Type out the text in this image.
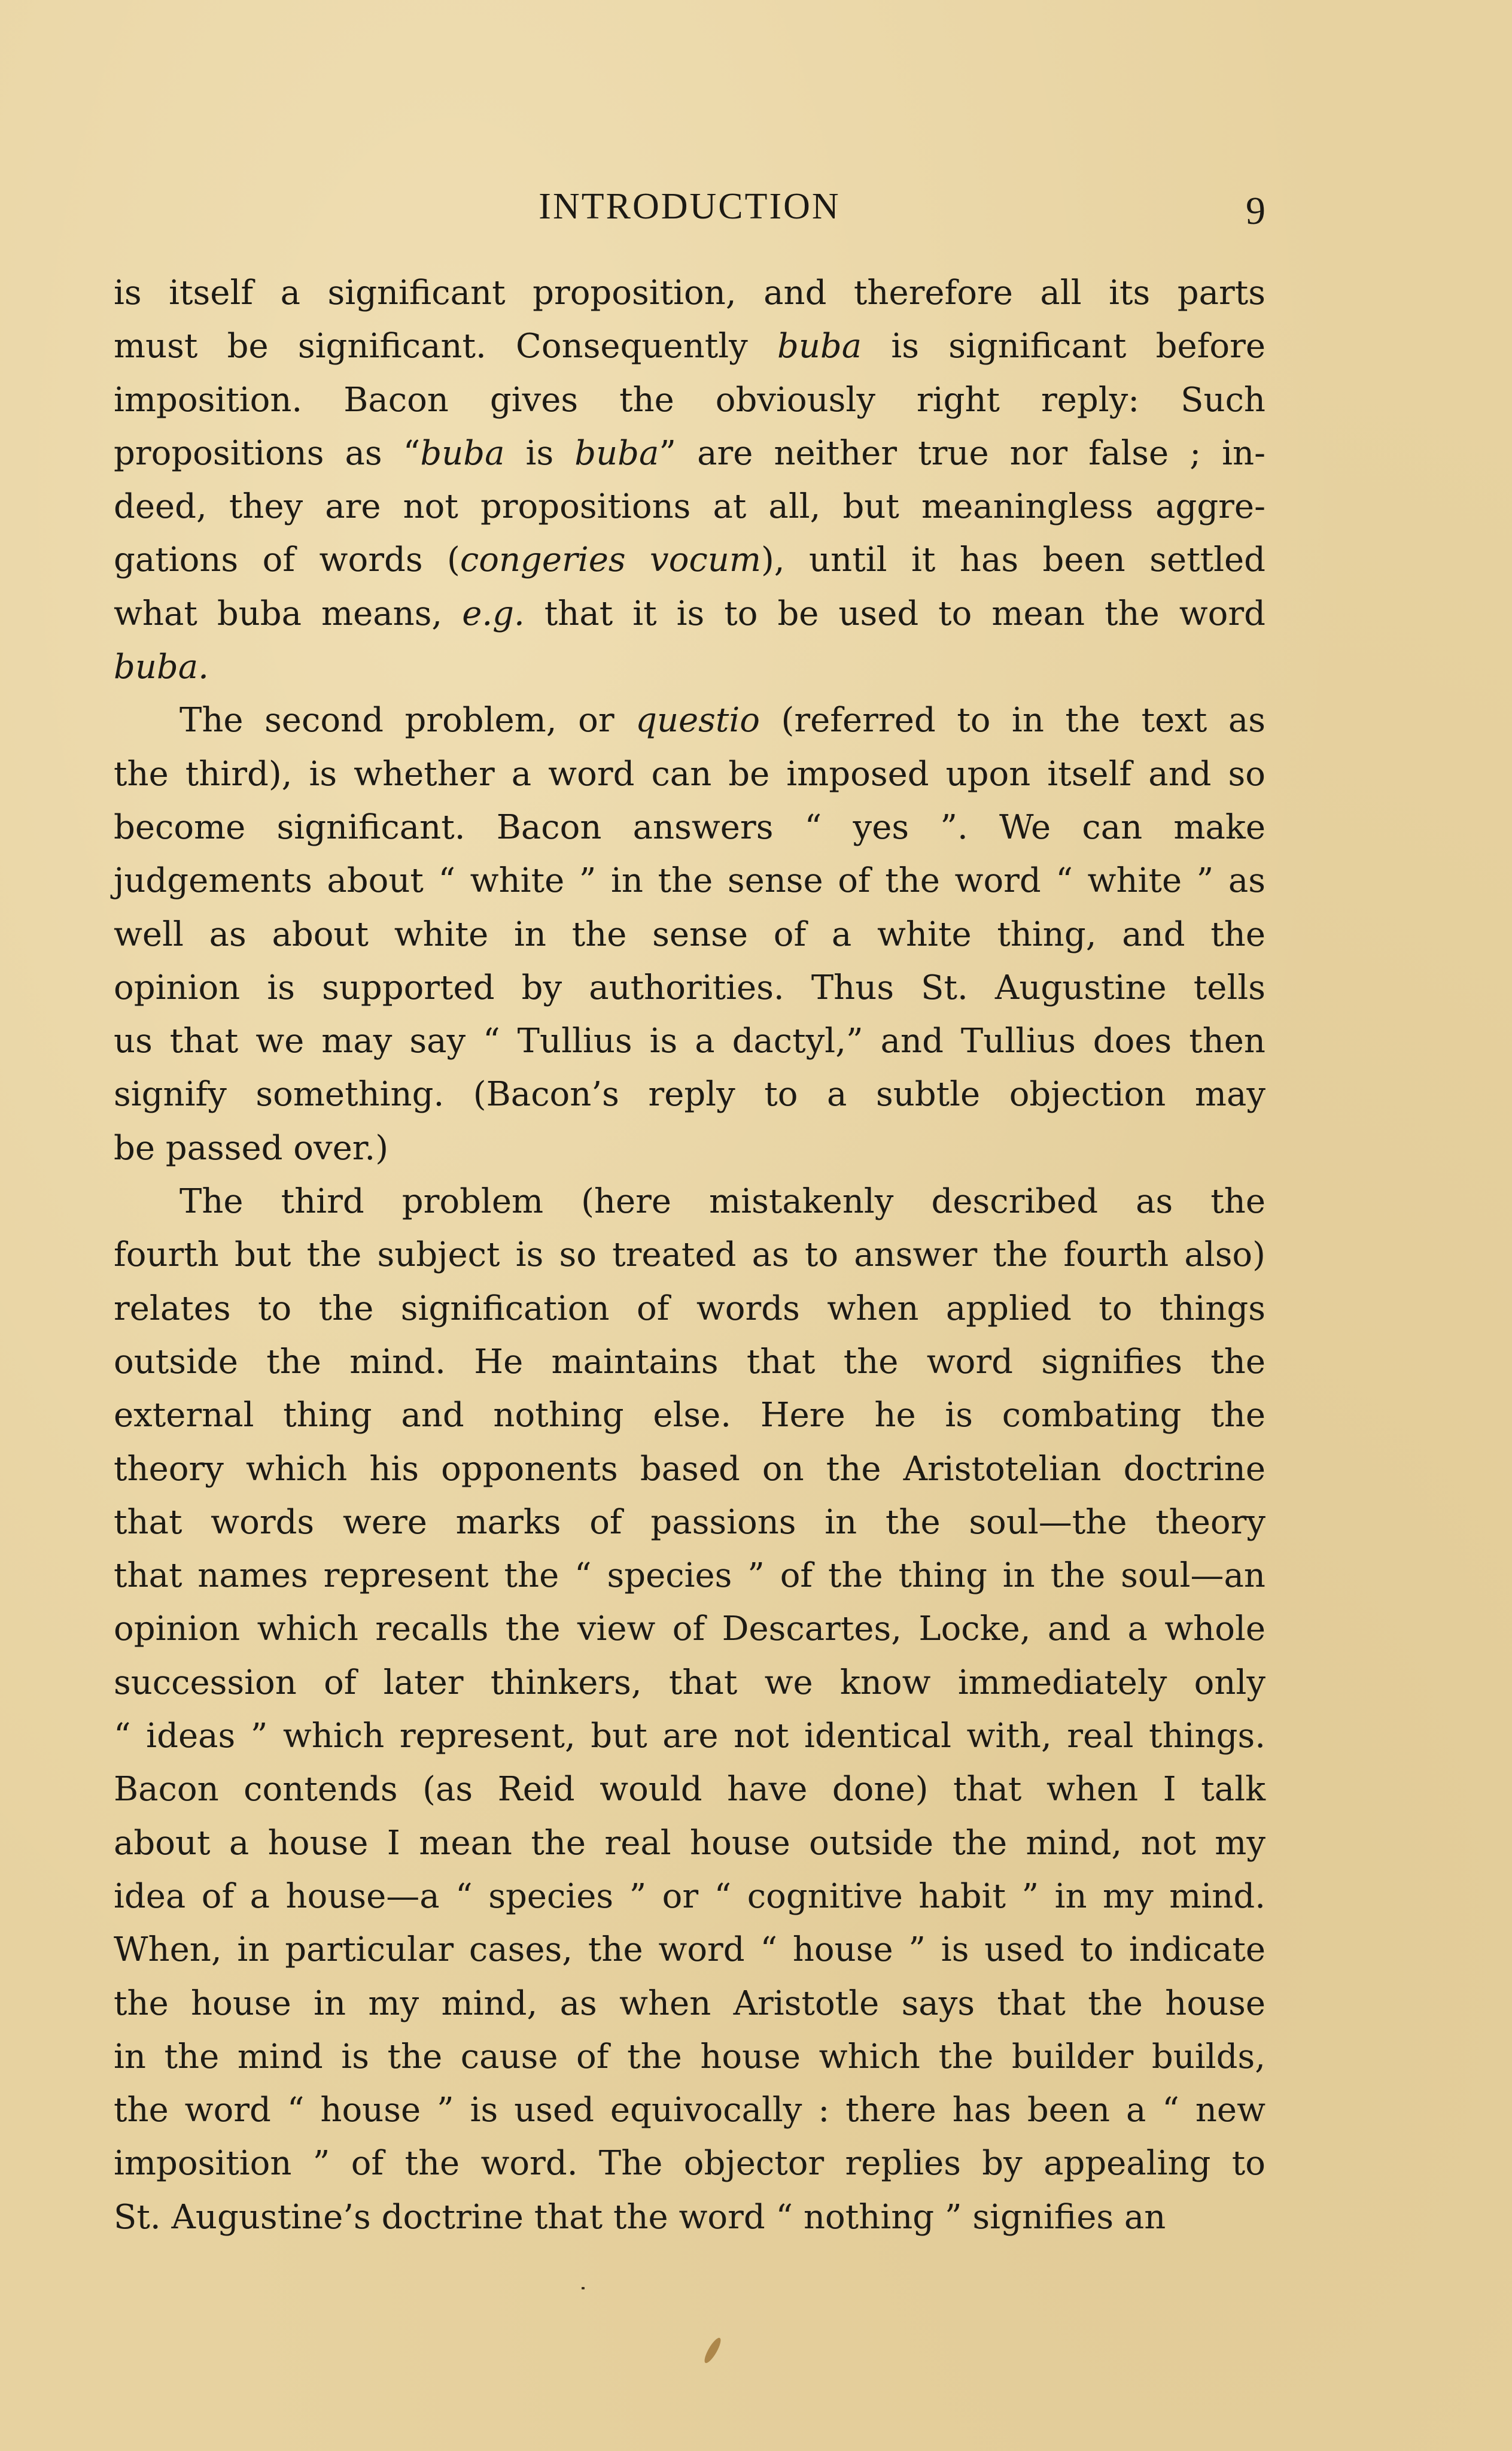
INTRODUCTION	9
is itself a significant proposition, and therefore all its parts
must be significant. Consequently buba is significant before
imposition. Bacon gives the obviously right reply: Such
propositions as “buba is buba” are neither true nor false ; in-
deed, they are not propositions at all, but meaningless aggre-
gations of words (congeries vocum), until it has been settled
what buba means, e.g. that it is to be used to mean the word
buba.
The second problem, or questio (referred to in the text as
the third), is whether a word can be imposed upon itself and so
become significant. Bacon answers “ yes ”. We can make
judgements about “ white ” in the sense of the word “ white ” as
well as about white in the sense of a white thing, and the
opinion is supported by authorities. Thus St. Augustine tells
us that we may say “ Tullius is a dactyl,” and Tullius does then
signify something. (Bacon’s reply to a subtle objection may
be passed over.)
The third problem (here mistakenly described as the
fourth but the subject is so treated as to answer the fourth also)
relates to the signification of words when applied to things
outside the mind. He maintains that the word signifies the
external thing and nothing else. Here he is combating the
theory which his opponents based on the Aristotelian doctrine
that words were marks of passions in the soul—the theory
that names represent the “ species ” of the thing in the soul—an
opinion which recalls the view of Descartes, Locke, and a whole
succession of later thinkers, that we know immediately only
“ ideas ” which represent, but are not identical with, real things.
Bacon contends (as Reid would have done) that when I talk
about a house I mean the real house outside the mind, not my
idea of a house—a “ species ” or “ cognitive habit ” in my mind.
When, in particular cases, the word “ house ” is used to indicate
the house in my mind, as when Aristotle says that the house
in the mind is the cause of the house which the builder builds,
the word “ house ” is used equivocally : there has been a “ new
imposition ” of the word. The objector replies by appealing to
St. Augustine’s doctrine that the word “ nothing ” signifies an
